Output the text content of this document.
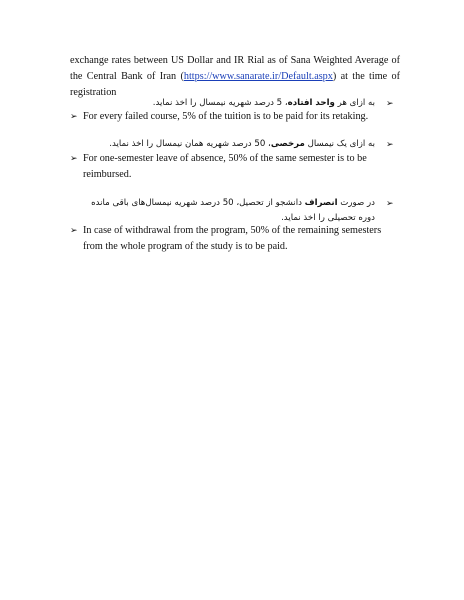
exchange rates between US Dollar and IR Rial as of Sana Weighted Average of the Central Bank of Iran (https://www.sanarate.ir/Default.aspx) at the time of registration
به ازای هر واحد افتاده، 5 درصد شهریه نیمسال را اخذ نماید.	➢
➢ For every failed course, 5% of the tuition is to be paid for its retaking.
به ازای یک نیمسال مرخصی، 50 درصد شهریه همان نیمسال را اخذ نماید.	➢
➢ For one-semester leave of absence, 50% of the same semester is to be reimbursed.
در صورت انصراف دانشجو از تحصیل، 50 درصد شهریه نیمسال‌های باقی مانده دوره تحصیلی را اخذ نماید.
➢
➢ In case of withdrawal from the program, 50% of the remaining semesters from the whole program of the study is to be paid.
